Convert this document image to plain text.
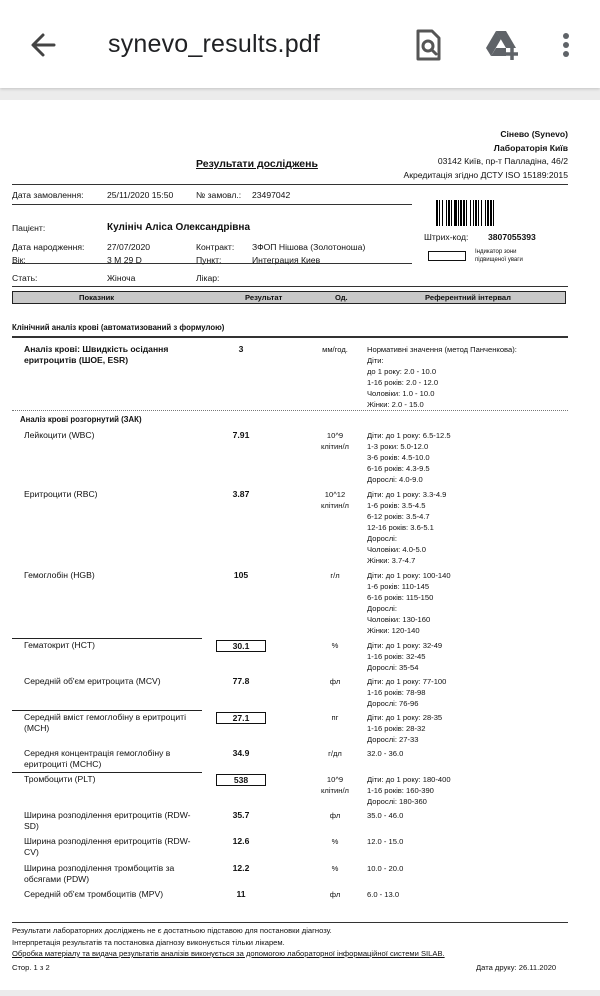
synevo_results.pdf
Сінево (Synevo)
Лабораторія Київ
03142 Київ, пр-т Палладіна, 46/2
Акредитація згідно ДСТУ ISO 15189:2015
Результати досліджень
Дата замовлення:	25/11/2020 15:50	№ замовл.: 23497042
Штрих-код: 3807055393
Індикатор зони підвищеної уваги
Пацієнт:	Кулініч Аліса Олександрівна
Дата народження:	27/07/2020	Контракт: ЗФОП Нішова (Золотоноша)
Вік:	3 M 29 D	Пункт:	Интеграция Киев
Стать:	Жіноча	Лікар:
Показник	Результат	Од.	Референтний інтервал
Клінічний аналіз крові (автоматизований з формулою)
Аналіз крові: Швидкість осідання еритроцитів (ШОЕ, ESR)
3	мм/год.	Нормативні значення (метод Панченкова):
Діти:
до 1 року: 2.0 - 10.0
1-16 років: 2.0 - 12.0
Чоловіки: 1.0 - 10.0
Жінки: 2.0 - 15.0
Аналіз крові розгорнутий (ЗАК)
Лейкоцити (WBC)	7.91	10^9
клітин/л
Діти: до 1 року: 6.5-12.5
1-3 роки: 5.0-12.0
3-6 років: 4.5-10.0
6-16 років: 4.3-9.5
Дорослі: 4.0-9.0
Еритроцити (RBC)	3.87	10^12
клітин/л
Діти: до 1 року: 3.3-4.9
1-6 років: 3.5-4.5
6-12 років: 3.5-4.7
12-16 років: 3.6-5.1
Дорослі:
Чоловіки: 4.0-5.0
Жінки: 3.7-4.7
Гемоглобін (HGB)	105	г/л	Діти: до 1 року: 100-140
1-6 років: 110-145
6-16 років: 115-150
Дорослі:
Чоловіки: 130-160
Жінки: 120-140
Гематокрит (HCT)	30.1	%	Діти: до 1 року: 32-49
1-16 років: 32-45
Дорослі: 35-54
Середній об'єм еритроцита (MCV)	77.8	фл	Діти: до 1 року: 77-100
1-16 років: 78-98
Дорослі: 76-96
Середній вміст гемоглобіну в еритроциті (MCH)
27.1	пг	Діти: до 1 року: 28-35
1-16 років: 28-32
Дорослі: 27-33
Середня концентрація гемоглобіну в еритроциті (MCHC)
34.9	г/дл	32.0 - 36.0
Тромбоцити (PLT)	538	10^9
клітин/л
Діти: до 1 року: 180-400
1-16 років: 160-390
Дорослі: 180-360
Ширина розподілення еритроцитів (RDW-SD)
35.7	фл	35.0 - 46.0
Ширина розподілення еритроцитів (RDW-CV)
12.6	%	12.0 - 15.0
Ширина розподілення тромбоцитів за обсягами (PDW)
12.2	%	10.0 - 20.0
Середній об'єм тромбоцитів (MPV)	11	фл	6.0 - 13.0
Результати лабораторних досліджень не є достатньою підставою для постановки діагнозу.
Інтерпретація результатів та постановка діагнозу виконується тільки лікарем.
Обробка матеріалу та видача результатів аналізів виконується за допомогою лабораторної інформаційної системи SILAB.
Стор. 1 з 2	Дата друку: 26.11.2020
